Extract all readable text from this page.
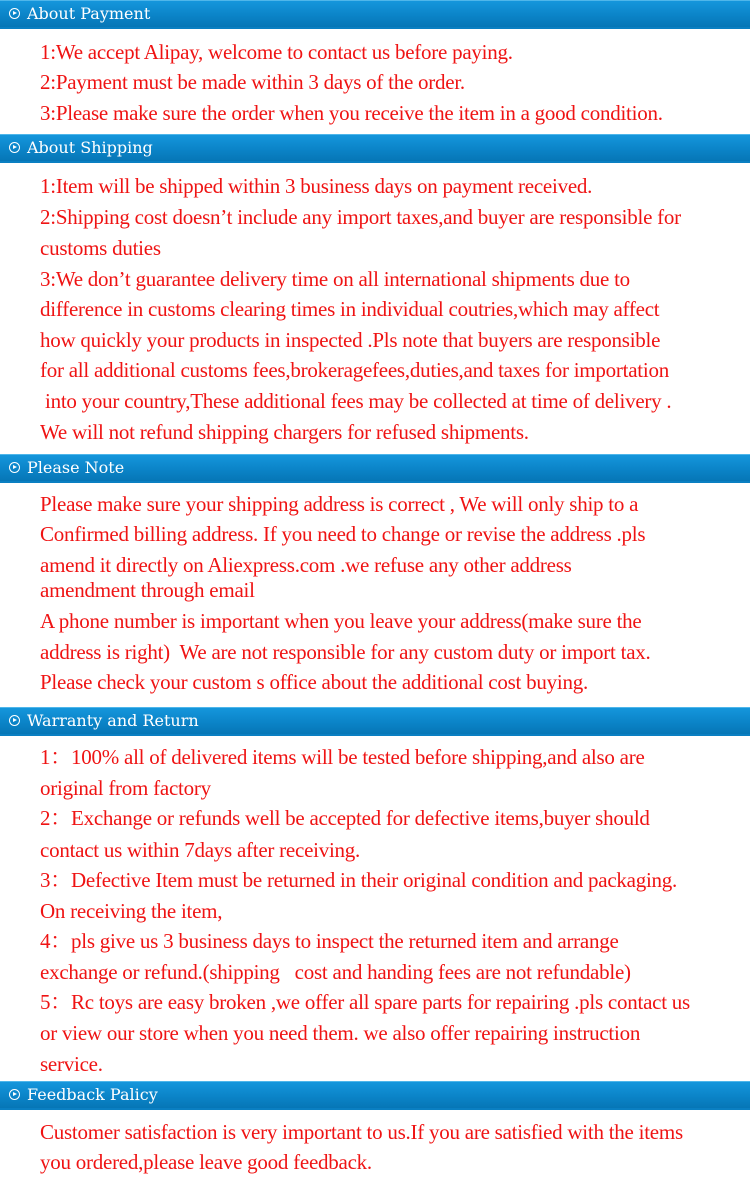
About Payment
1:We accept Alipay, welcome to contact us before paying.
2:Payment must be made within 3 days of the order.
3:Please make sure the order when you receive the item in a good condition.
About Shipping
1:Item will be shipped within 3 business days on payment received.
2:Shipping cost doesn’t include any import taxes,and buyer are responsible for
customs duties
3:We don’t guarantee delivery time on all international shipments due to
difference in customs clearing times in individual coutries,which may affect
how quickly your products in inspected .Pls note that buyers are responsible
for all additional customs fees,brokeragefees,duties,and taxes for importation
into your country,These additional fees may be collected at time of delivery .
We will not refund shipping chargers for refused shipments.
Please Note
Please make sure your shipping address is correct , We will only ship to a
Confirmed billing address. If you need to change or revise the address .pls
amend it directly on Aliexpress.com .we refuse any other address
amendment through email
A phone number is important when you leave your address(make sure the
address is right)  We are not responsible for any custom duty or import tax.
Please check your custom s office about the additional cost buying.
Warranty and Return
1：100% all of delivered items will be tested before shipping,and also are
original from factory
2：Exchange or refunds well be accepted for defective items,buyer should
contact us within 7days after receiving.
3：Defective Item must be returned in their original condition and packaging.
On receiving the item,
4：pls give us 3 business days to inspect the returned item and arrange
exchange or refund.(shipping   cost and handing fees are not refundable)
5：Rc toys are easy broken ,we offer all spare parts for repairing .pls contact us
or view our store when you need them. we also offer repairing instruction
service.
Feedback Palicy
Customer satisfaction is very important to us.If you are satisfied with the items
you ordered,please leave good feedback.
